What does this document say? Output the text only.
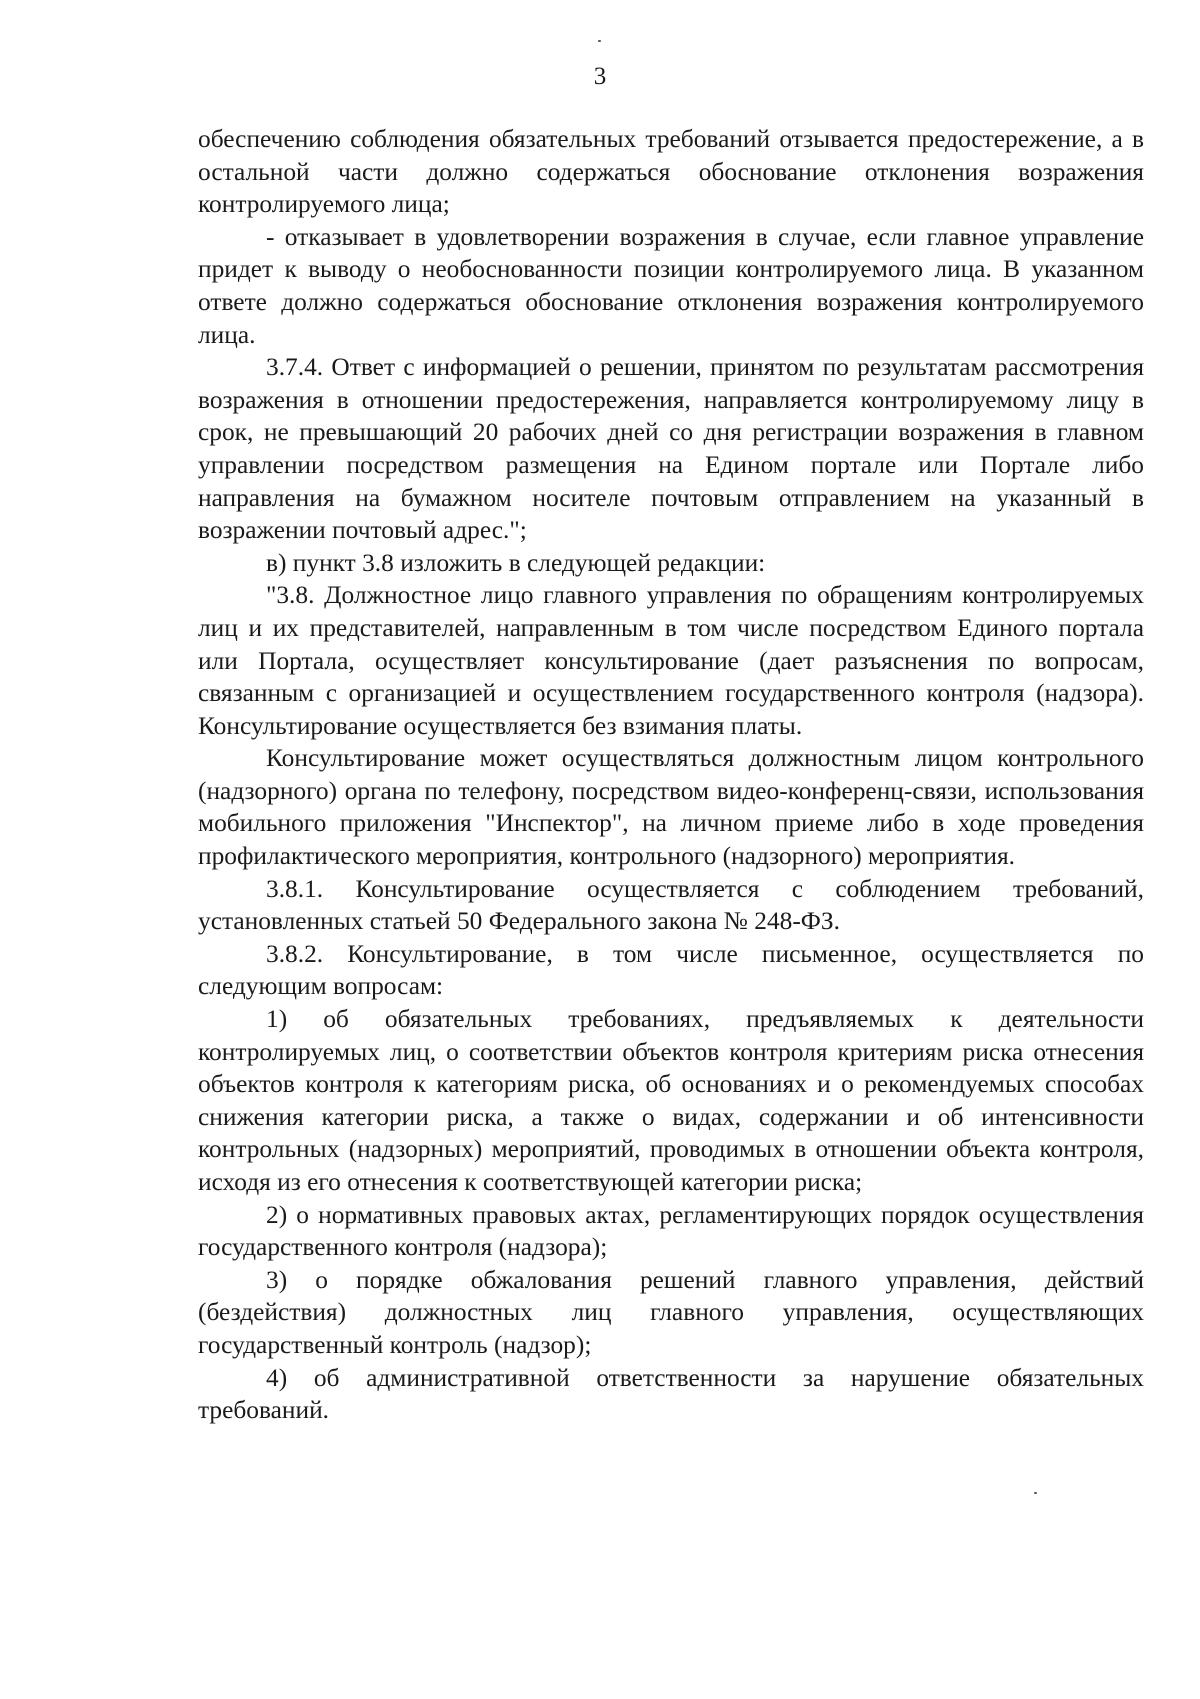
3

обеспечению соблюдения обязательных требований отзывается предостережение, а в остальной части должно содержаться обоснование отклонения возражения контролируемого лица;

- отказывает в удовлетворении возражения в случае, если главное управление придет к выводу о необоснованности позиции контролируемого лица. В указанном ответе должно содержаться обоснование отклонения возражения контролируемого лица.

3.7.4. Ответ с информацией о решении, принятом по результатам рассмотрения возражения в отношении предостережения, направляется контролируемому лицу в срок, не превышающий 20 рабочих дней со дня регистрации возражения в главном управлении посредством размещения на Едином портале или Портале либо направления на бумажном носителе почтовым отправлением на указанный в возражении почтовый адрес.";

в) пункт 3.8 изложить в следующей редакции:

"3.8. Должностное лицо главного управления по обращениям контролируемых лиц и их представителей, направленным в том числе посредством Единого портала или Портала, осуществляет консультирование (дает разъяснения по вопросам, связанным с организацией и осуществлением государственного контроля (надзора). Консультирование осуществляется без взимания платы.

Консультирование может осуществляться должностным лицом контрольного (надзорного) органа по телефону, посредством видео-конференц-связи, использования мобильного приложения "Инспектор", на личном приеме либо в ходе проведения профилактического мероприятия, контрольного (надзорного) мероприятия.

3.8.1. Консультирование осуществляется с соблюдением требований, установленных статьей 50 Федерального закона № 248-ФЗ.

3.8.2. Консультирование, в том числе письменное, осуществляется по следующим вопросам:

1) об обязательных требованиях, предъявляемых к деятельности контролируемых лиц, о соответствии объектов контроля критериям риска отнесения объектов контроля к категориям риска, об основаниях и о рекомендуемых способах снижения категории риска, а также о видах, содержании и об интенсивности контрольных (надзорных) мероприятий, проводимых в отношении объекта контроля, исходя из его отнесения к соответствующей категории риска;

2) о нормативных правовых актах, регламентирующих порядок осуществления государственного контроля (надзора);

3) о порядке обжалования решений главного управления, действий (бездействия) должностных лиц главного управления, осуществляющих государственный контроль (надзор);

4) об административной ответственности за нарушение обязательных требований.
